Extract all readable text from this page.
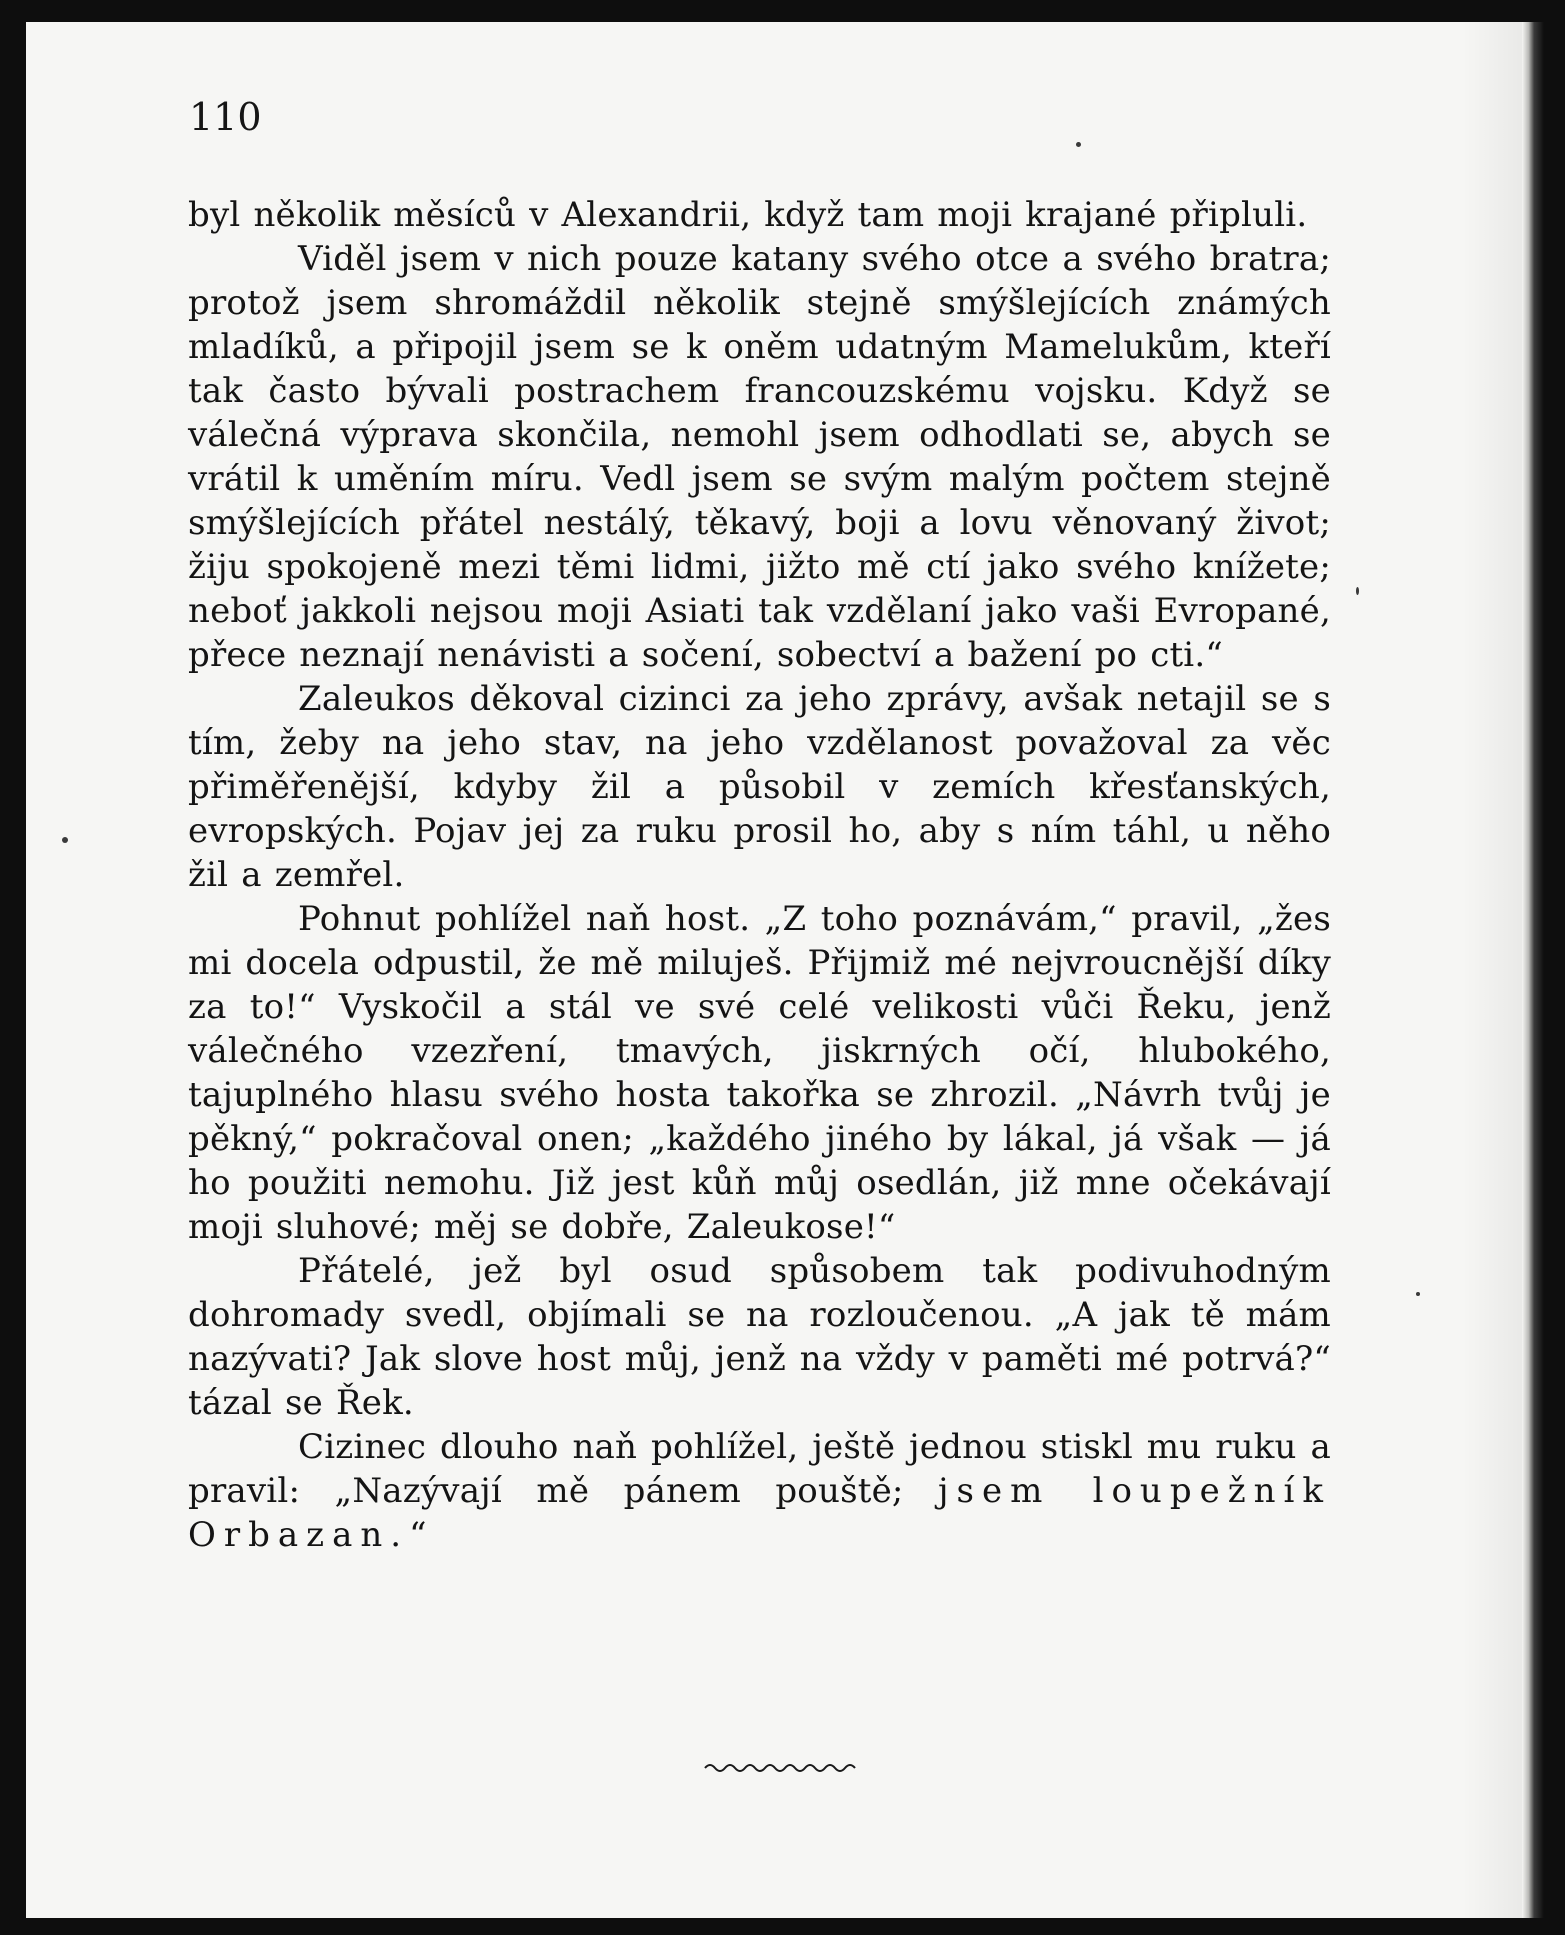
110

byl několik měsíců v Alexandrii, když tam moji krajané připluli.

Viděl jsem v nich pouze katany svého otce a svého bratra; protož jsem shromáždil několik stejně smýšlejících známých mladíků, a připojil jsem se k oněm udatným Mamelukům, kteří tak často bývali postrachem francouzskému vojsku. Když se válečná výprava skončila, nemohl jsem odhodlati se, abych se vrátil k uměním míru. Vedl jsem se svým malým počtem stejně smýšlejících přátel nestálý, těkavý, boji a lovu věnovaný život; žiju spokojeně mezi těmi lidmi, jižto mě ctí jako svého knížete; neboť jakkoli nejsou moji Asiati tak vzdělaní jako vaši Evropané, přece neznají nenávisti a sočení, sobectví a bažení po cti.“

Zaleukos děkoval cizinci za jeho zprávy, avšak netajil se s tím, žeby na jeho stav, na jeho vzdělanost považoval za věc přiměřenější, kdyby žil a působil v zemích křesťanských, evropských. Pojav jej za ruku prosil ho, aby s ním táhl, u něho žil a zemřel.

Pohnut pohlížel naň host. „Z toho poznávám,“ pravil, „žes mi docela odpustil, že mě miluješ. Přijmiž mé nejvroucnější díky za to!“ Vyskočil a stál ve své celé velikosti vůči Řeku, jenž válečného vzezření, tmavých, jiskrných očí, hlubokého, tajuplného hlasu svého hosta takořka se zhrozil. „Návrh tvůj je pěkný,“ pokračoval onen; „každého jiného by lákal, já však — já ho použiti nemohu. Již jest kůň můj osedlán, již mne očekávají moji sluhové; měj se dobře, Zaleukose!“

Přátelé, jež byl osud spůsobem tak podivuhodným dohromady svedl, objímali se na rozloučenou. „A jak tě mám nazývati? Jak slove host můj, jenž na vždy v paměti mé potrvá?“ tázal se Řek.

Cizinec dlouho naň pohlížel, ještě jednou stiskl mu ruku a pravil: „Nazývají mě pánem pouště; jsem loupežník Orbazan.“
